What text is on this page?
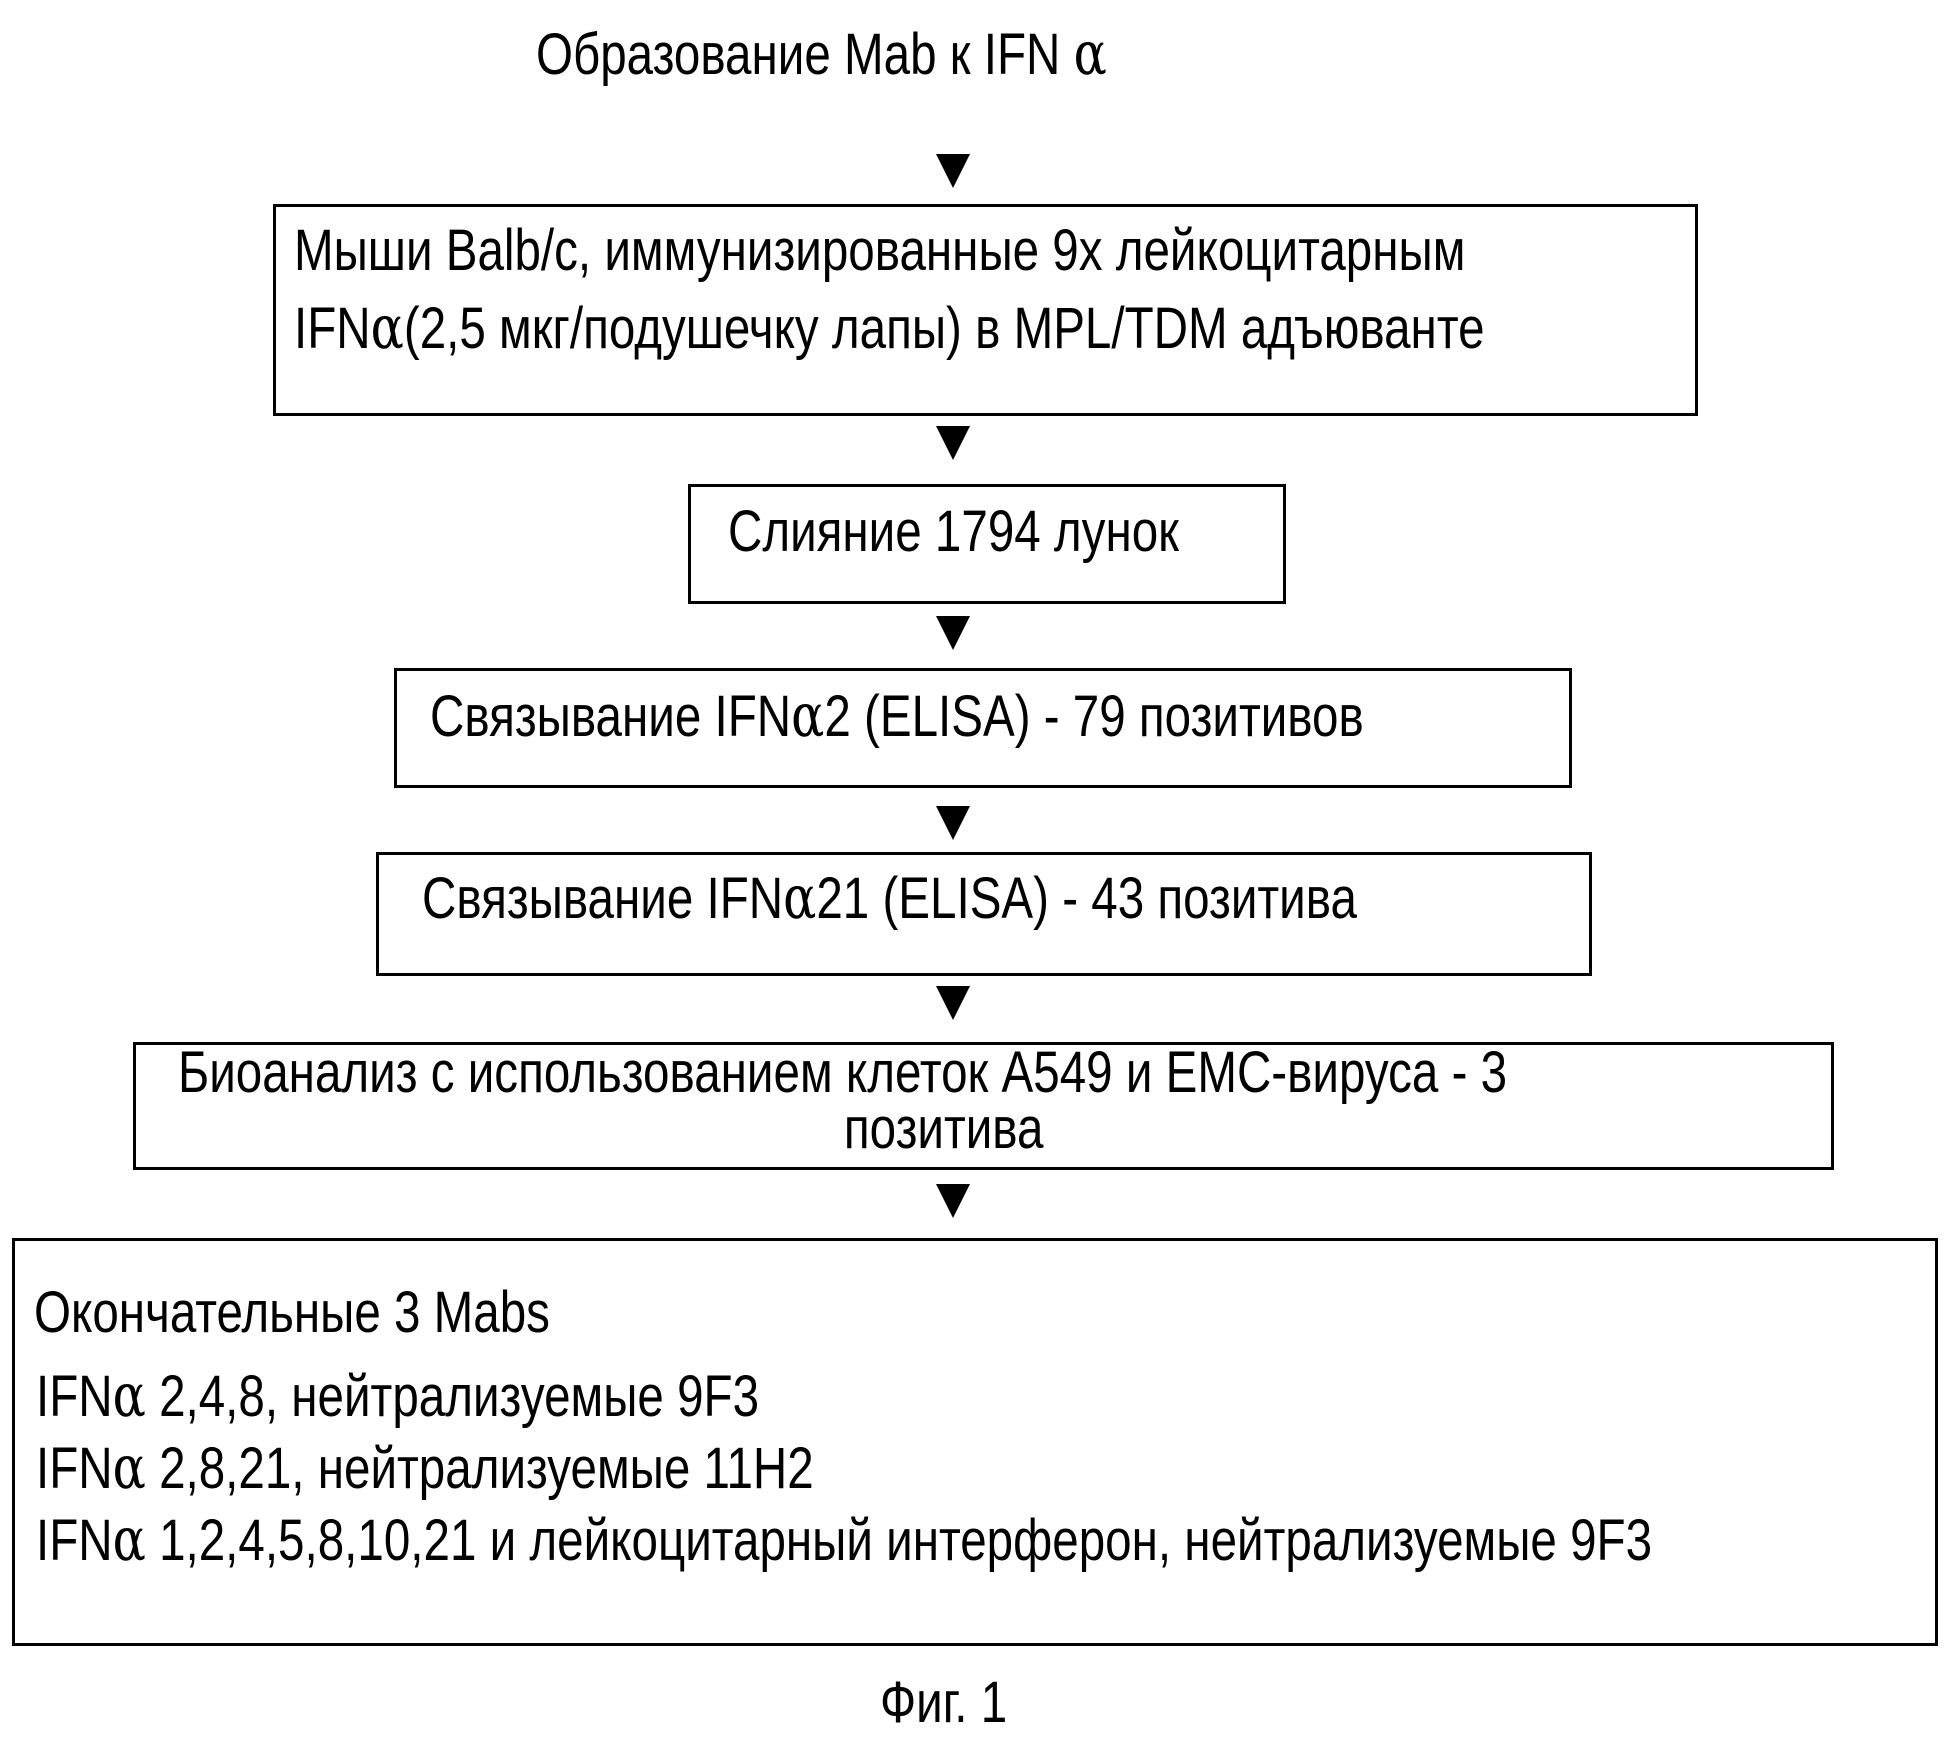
Образование Mab к IFN α
Мыши Balb/c, иммунизированные 9х лейкоцитарным
IFNα(2,5 мкг/подушечку лапы) в MPL/TDM адъюванте
Слияние 1794 лунок
Связывание IFNα2 (ELISA) - 79 позитивов
Связывание IFNα21 (ELISA) - 43 позитива
Биоанализ с использованием клеток А549 и ЕМС-вируса - 3
позитива
Окончательные 3 Mabs
IFNα 2,4,8, нейтрализуемые 9F3
IFNα 2,8,21, нейтрализуемые 11H2
IFNα 1,2,4,5,8,10,21 и лейкоцитарный интерферон, нейтрализуемые 9F3
Фиг. 1
